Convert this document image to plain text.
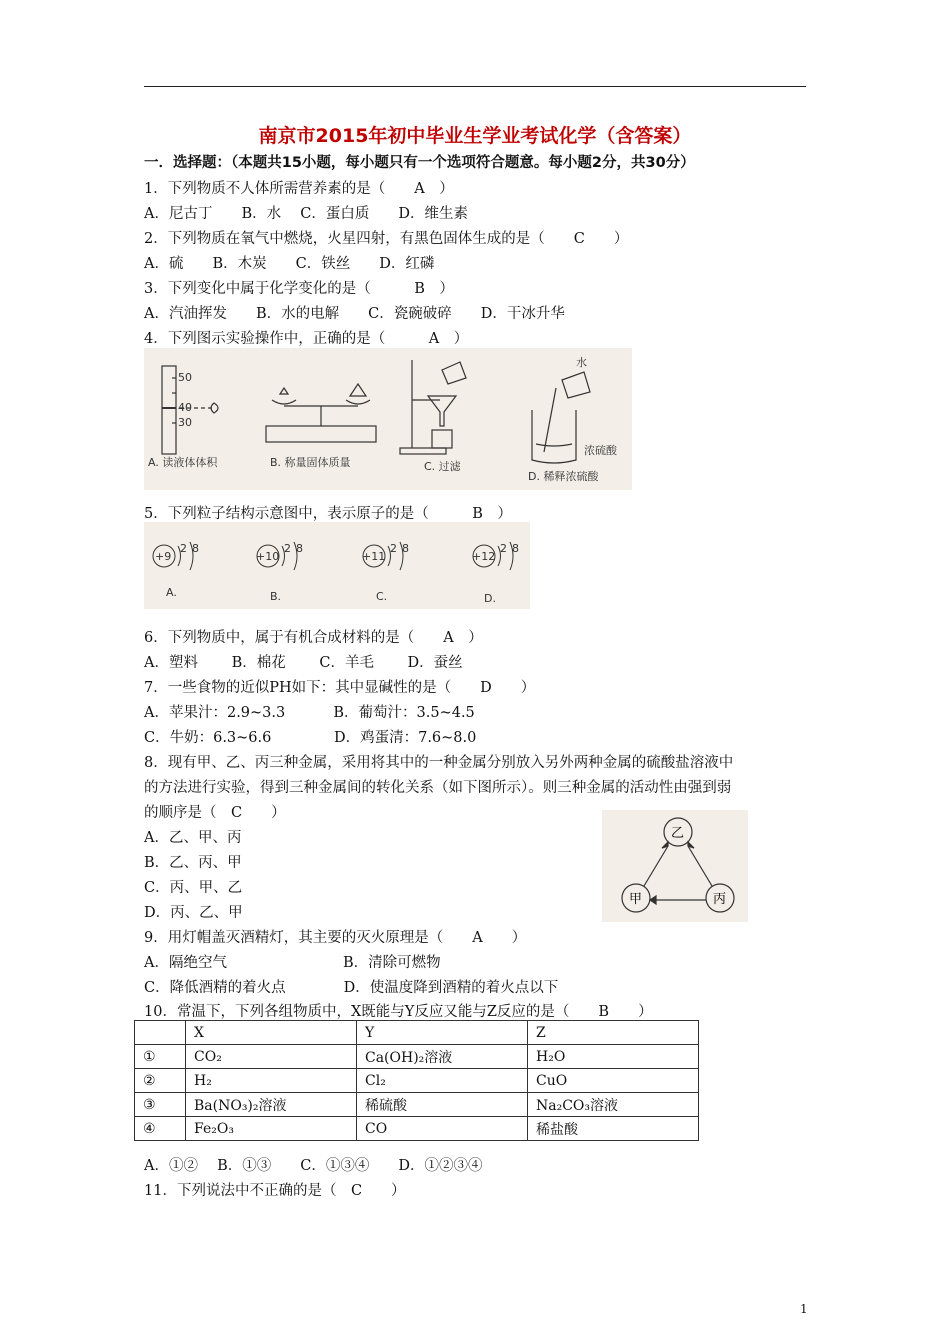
南京市2015年初中毕业生学业考试化学（含答案）
一．选择题：（本题共15小题，每小题只有一个选项符合题意。每小题2分，共30分）
1．下列物质不人体所需营养素的是（　　A　）
A．尼古丁　　B．水　 C．蛋白质　　D．维生素
2．下列物质在氧气中燃烧，火星四射，有黑色固体生成的是（　　C　　）
A．硫　　B．木炭　　C．铁丝　　D．红磷
3．下列变化中属于化学变化的是（　　　B　）
A．汽油挥发　　B．水的电解　　C．瓷碗破碎　　D．干冰升华
4．下列图示实验操作中，正确的是（　　　A　）
50
40
30
A. 读液体体积	B. 称量固体质量	C. 过滤
水
浓硫酸
D. 稀释浓硫酸
5．下列粒子结构示意图中，表示原子的是（　　　B　）
+9	+10	+11	+12
2 8	2 8	2 8	2 8
A.	B.	C.	D.
6．下列物质中，属于有机合成材料的是（　　A　）
A．塑料　　 B．棉花　　 C．羊毛　　 D．蚕丝
7．一些食物的近似PH如下：其中显碱性的是（　　D　　）
A．苹果汁：2.9~3.3　　　 B．葡萄汁：3.5~4.5
C．牛奶：6.3~6.6　　　　 D．鸡蛋清：7.6~8.0
8．现有甲、乙、丙三种金属，采用将其中的一种金属分别放入另外两种金属的硫酸盐溶液中
的方法进行实验，得到三种金属间的转化关系（如下图所示）。则三种金属的活动性由强到弱
的顺序是（　C　　）
A．乙、甲、丙
B．乙、丙、甲
C．丙、甲、乙
D．丙、乙、甲
乙
甲	丙
9．用灯帽盖灭酒精灯，其主要的灭火原理是（　　A　　）
A．隔绝空气　　　　　　　　B．清除可燃物
C．降低酒精的着火点　　　　D．使温度降到酒精的着火点以下
10．常温下，下列各组物质中，X既能与Y反应又能与Z反应的是（　　B　　）
	X	Y	Z
①	CO₂	Ca(OH)₂溶液	H₂O
②	H₂	Cl₂	CuO
③	Ba(NO₃)₂溶液	稀硫酸	Na₂CO₃溶液
④	Fe₂O₃	CO	稀盐酸
A．①②　 B．①③　　C．①③④　　D．①②③④
11．下列说法中不正确的是（　C　　）
1
